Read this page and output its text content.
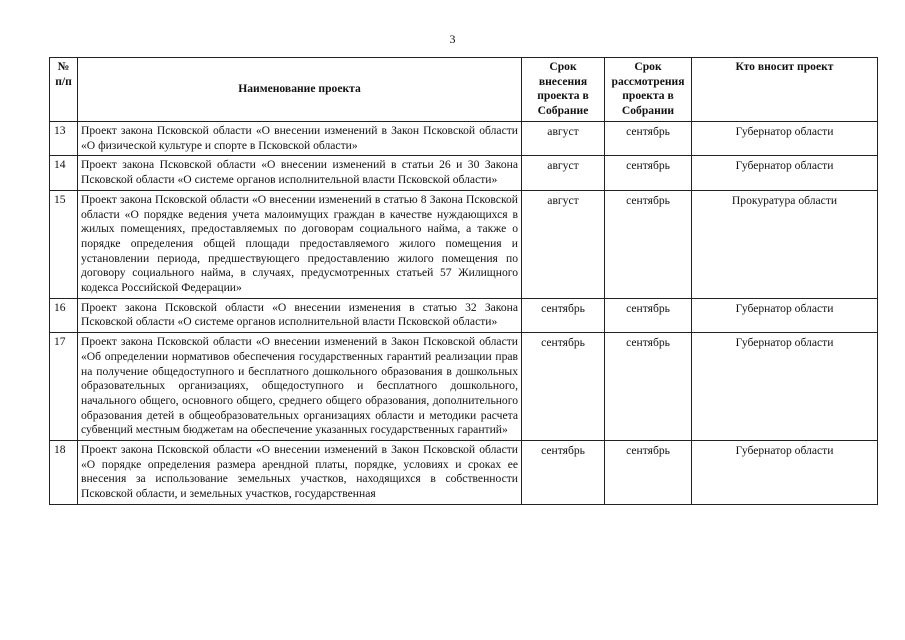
3
№ п/п	Наименование проекта	Срок внесения проекта в Собрание	Срок рассмотрения проекта в Собрании	Кто вносит проект
13	Проект закона Псковской области «О внесении изменений в Закон Псковской области «О физической культуре и спорте в Псковской области»	август	сентябрь	Губернатор области
14	Проект закона Псковской области «О внесении изменений в статьи 26 и 30 Закона Псковской области «О системе органов исполнительной власти Псковской области»	август	сентябрь	Губернатор области
15	Проект закона Псковской области «О внесении изменений в статью 8 Закона Псковской области «О порядке ведения учета малоимущих граждан в качестве нуждающихся в жилых помещениях, предоставляемых по договорам социального найма, а также о порядке определения общей площади предоставляемого жилого помещения и установлении периода, предшествующего предоставлению жилого помещения по договору социального найма, в случаях, предусмотренных статьей 57 Жилищного кодекса Российской Федерации»	август	сентябрь	Прокуратура области
16	Проект закона Псковской области «О внесении изменения в статью 32 Закона Псковской области «О системе органов исполнительной власти Псковской области»	сентябрь	сентябрь	Губернатор области
17	Проект закона Псковской области «О внесении изменений в Закон Псковской области «Об определении нормативов обеспечения государственных гарантий реализации прав на получение общедоступного и бесплатного дошкольного образования в дошкольных образовательных организациях, общедоступного и бесплатного дошкольного, начального общего, основного общего, среднего общего образования, дополнительного образования детей в общеобразовательных организациях области и методики расчета субвенций местным бюджетам на обеспечение указанных государственных гарантий»	сентябрь	сентябрь	Губернатор области
18	Проект закона Псковской области «О внесении изменений в Закон Псковской области «О порядке определения размера арендной платы, порядке, условиях и сроках ее внесения за использование земельных участков, находящихся в собственности Псковской области, и земельных участков, государственная	сентябрь	сентябрь	Губернатор области
